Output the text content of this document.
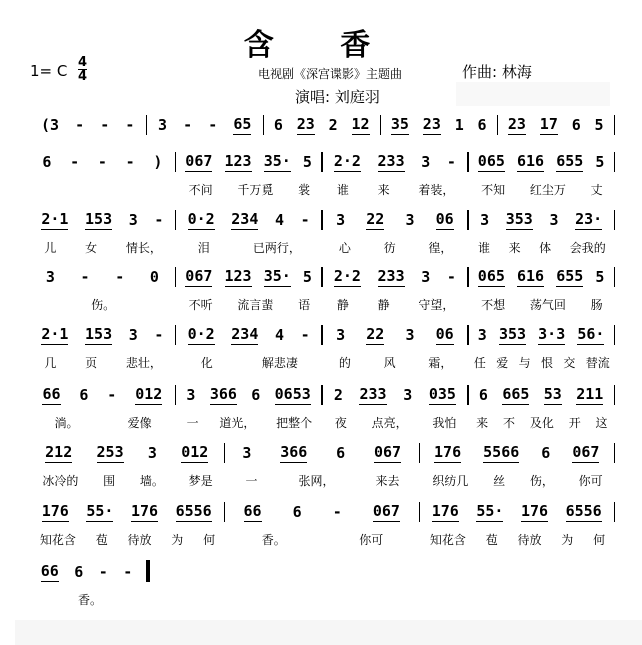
含 香
1= C 4
4	电视剧《深宫谍影》主题曲	作曲: 林海
演唱: 刘庭羽
(3 - - - 3 - - 65 6 23 2 12 35 23 1 6 23 17 6 5
6 - - - ) 067 123 35· 5 2·2 233 3 - 065 616 655 5
不问 千万覓 裳 谁 来 着装， 不知 红尘万 丈
2·1 153 3 - 0·2 234 4 - 3 22 3 06 3 353 3 23·
儿 女 情长，	泪	已两行，	心	彷	徨， 谁 来 体 会我的
3 - - 0 067 123 35· 5 2·2 233 3 - 065 616 655 5
伤。	不听 流言蜚 语 静 静 守望， 不想 荡气回 肠
2·1 153 3 - 0·2 234 4 - 3 22 3 06 3 353 3·3 56·
几 页 悲壮，	化	解悲凄	的	风	霜， 任 爱 与 恨 交 替流
66 6 - 012 3 366 6 0653 2 233 3 035 6 665 53 211
淌。	爱像	一 道光， 把整个 夜 点亮， 我怕 来 不 及化 开 这
212 253 3 012 3 366 6 067 176 5566 6 067
冰冷的 围 墙。 梦是	一	张网，	来去	织纺几 丝 伤， 你可
176 55· 176 6556 66 6 - 067 176 55· 176 6556
知花含 苞 待放 为 何	香。	你可	知花含 苞 待放 为 何
66 6 - -
香。
